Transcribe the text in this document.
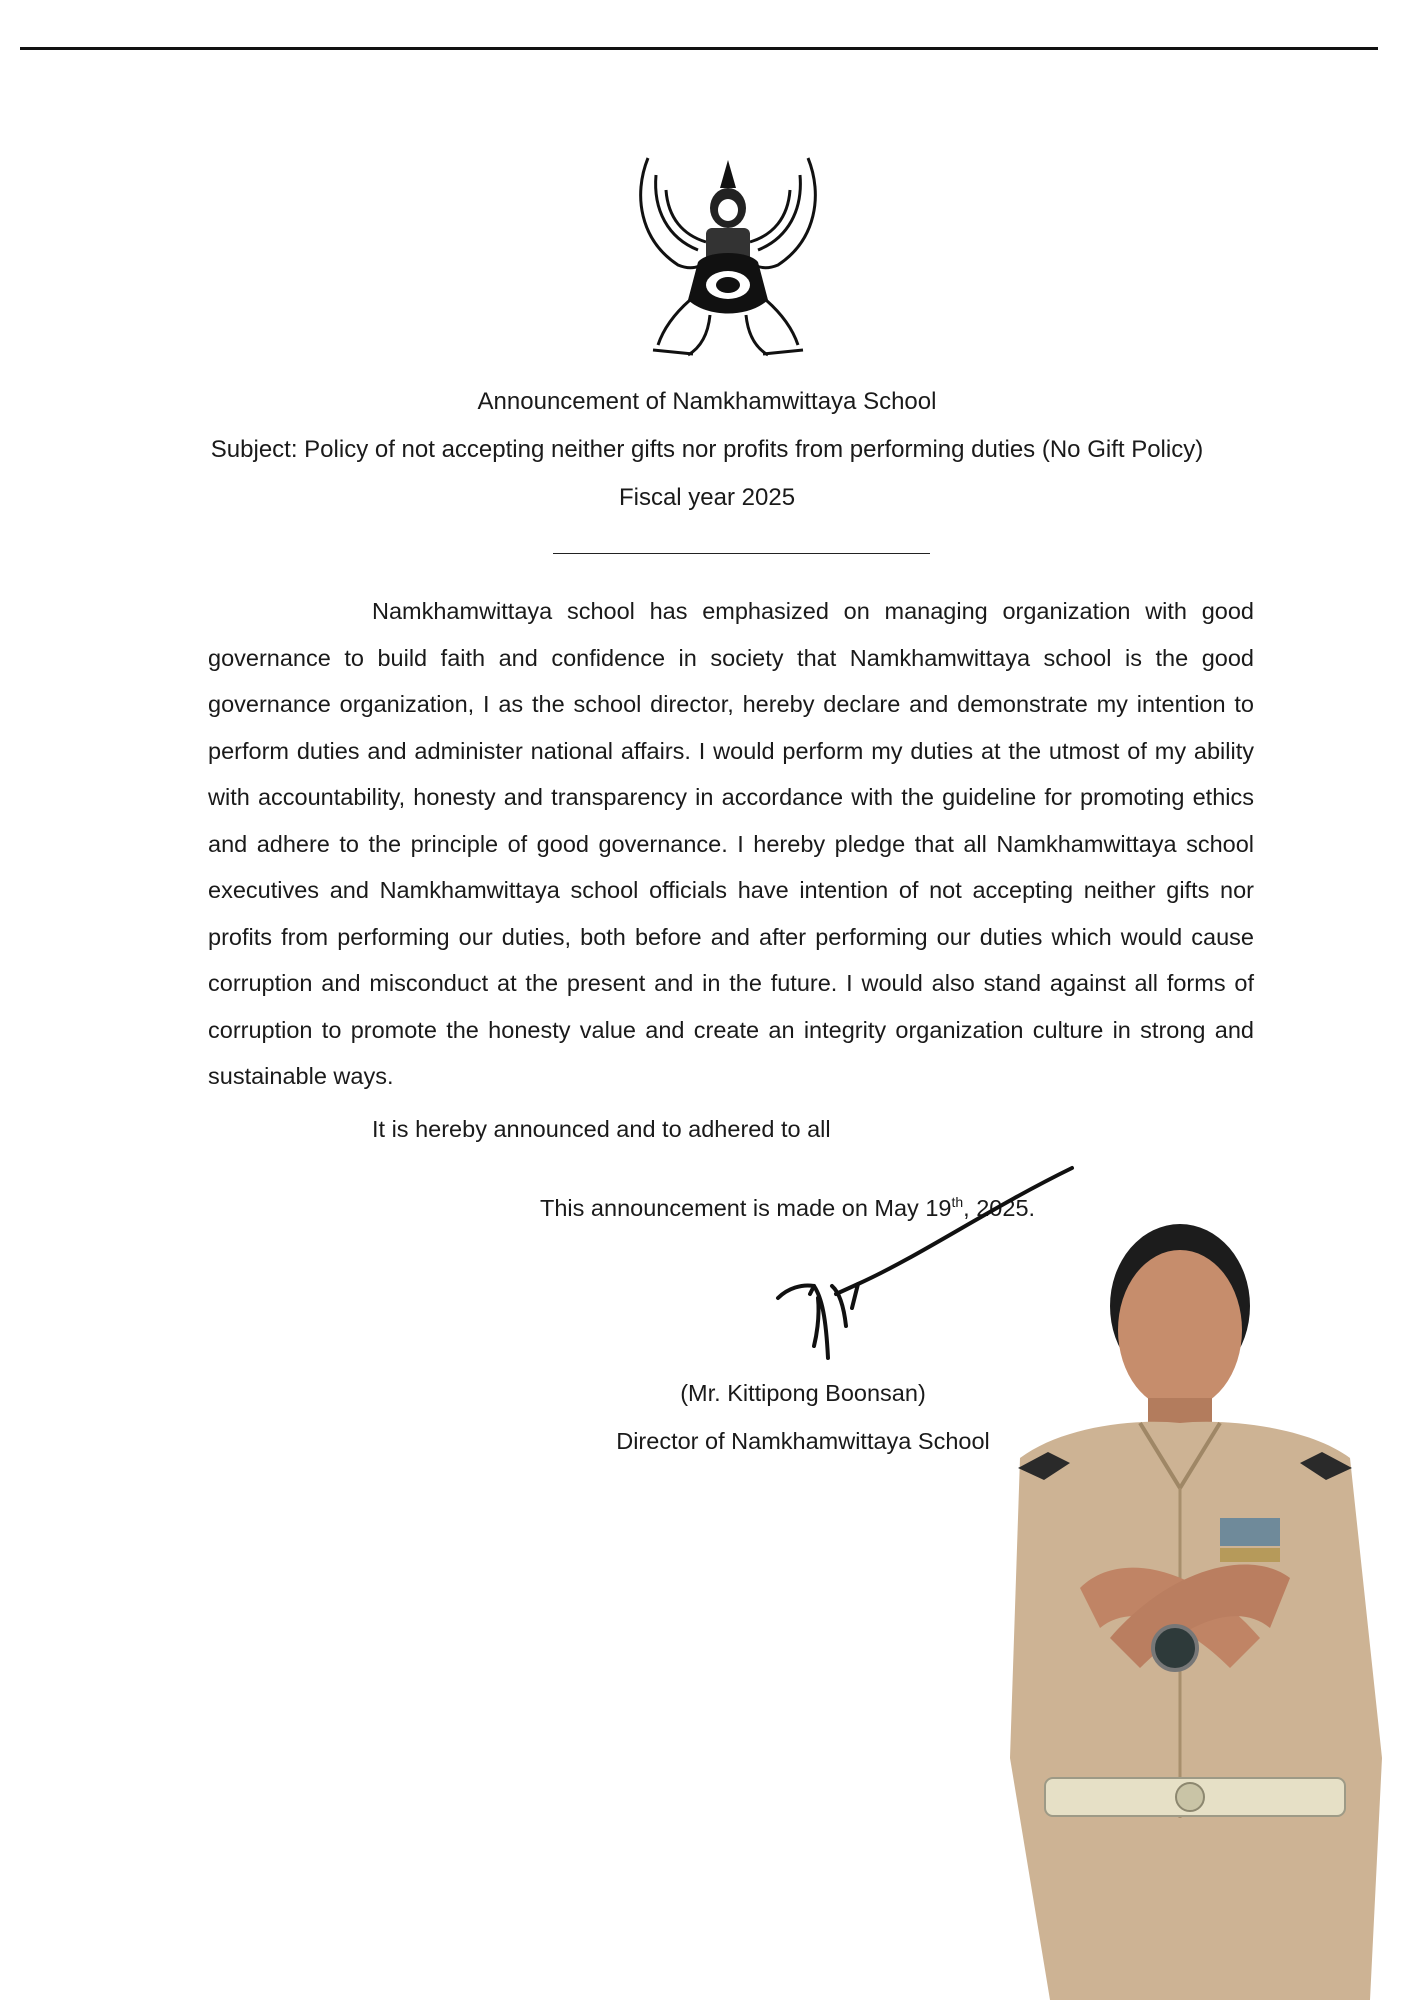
Announcement of Namkhamwittaya School
Subject: Policy of not accepting neither gifts nor profits from performing duties (No Gift Policy)
Fiscal year 2025
Namkhamwittaya school has emphasized on managing organization with good governance to build faith and confidence in society that Namkhamwittaya school is the good governance organization, I as the school director, hereby declare and demonstrate my intention to perform duties and administer national affairs. I would perform my duties at the utmost of my ability with accountability, honesty and transparency in accordance with the guideline for promoting ethics and adhere to the principle of good governance. I hereby pledge that all Namkhamwittaya school executives and Namkhamwittaya school officials have intention of not accepting neither gifts nor profits from performing our duties, both before and after performing our duties which would cause corruption and misconduct at the present and in the future. I would also stand against all forms of corruption to promote the honesty value and create an integrity organization culture in strong and sustainable ways.
It is hereby announced and to adhered to all
This announcement is made on May 19th, 2025.
(Mr. Kittipong Boonsan)
Director of Namkhamwittaya School
